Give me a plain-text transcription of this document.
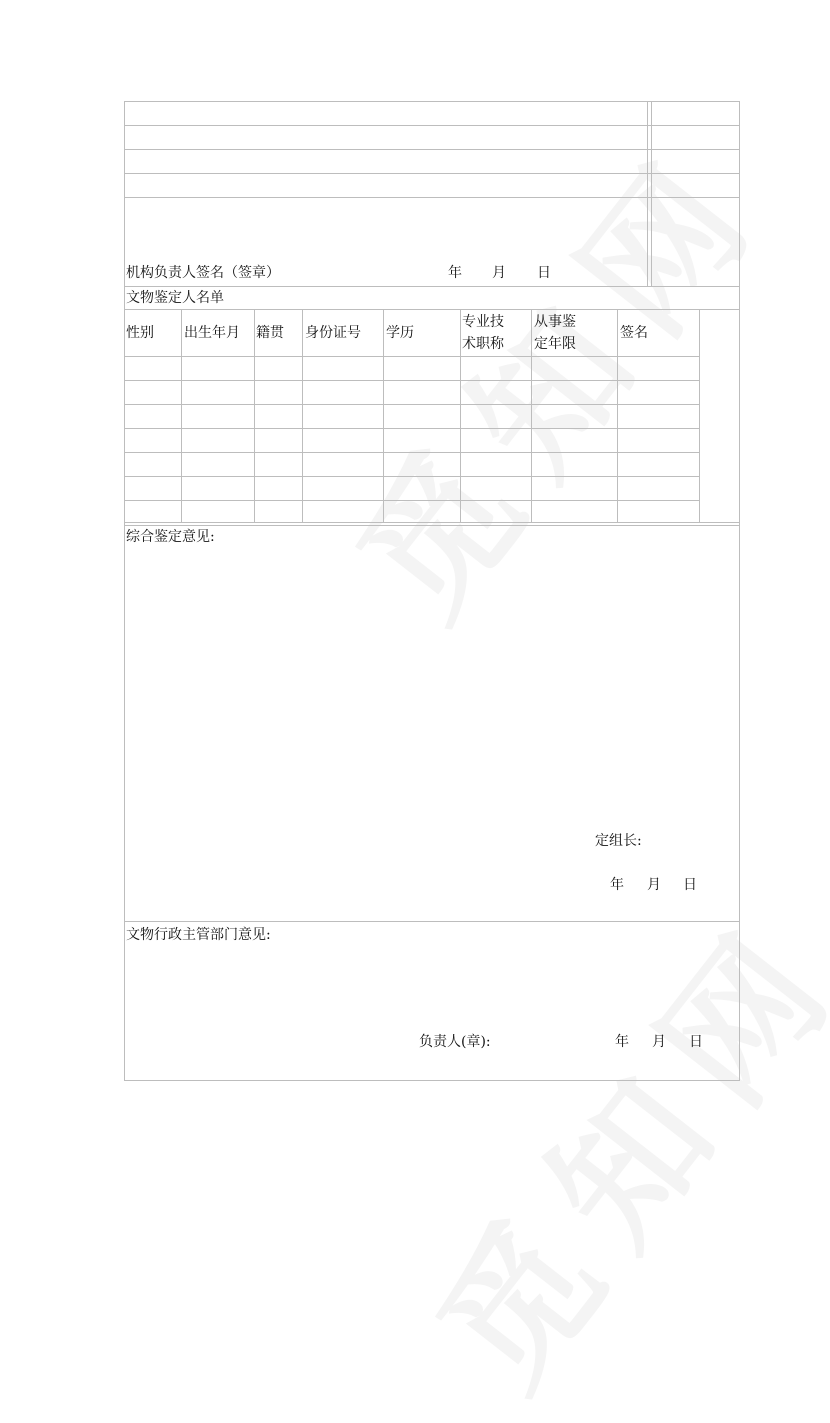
机构负责人签名（签章）	年 月 日
文物鉴定人名单
性别 出生年月 籍贯 身份证号 学历
专业技
术职称
从事鉴
定年限
签名
综合鉴定意见:
定组长:
年 月 日
文物行政主管部门意见:
负责人(章):	年 月 日
